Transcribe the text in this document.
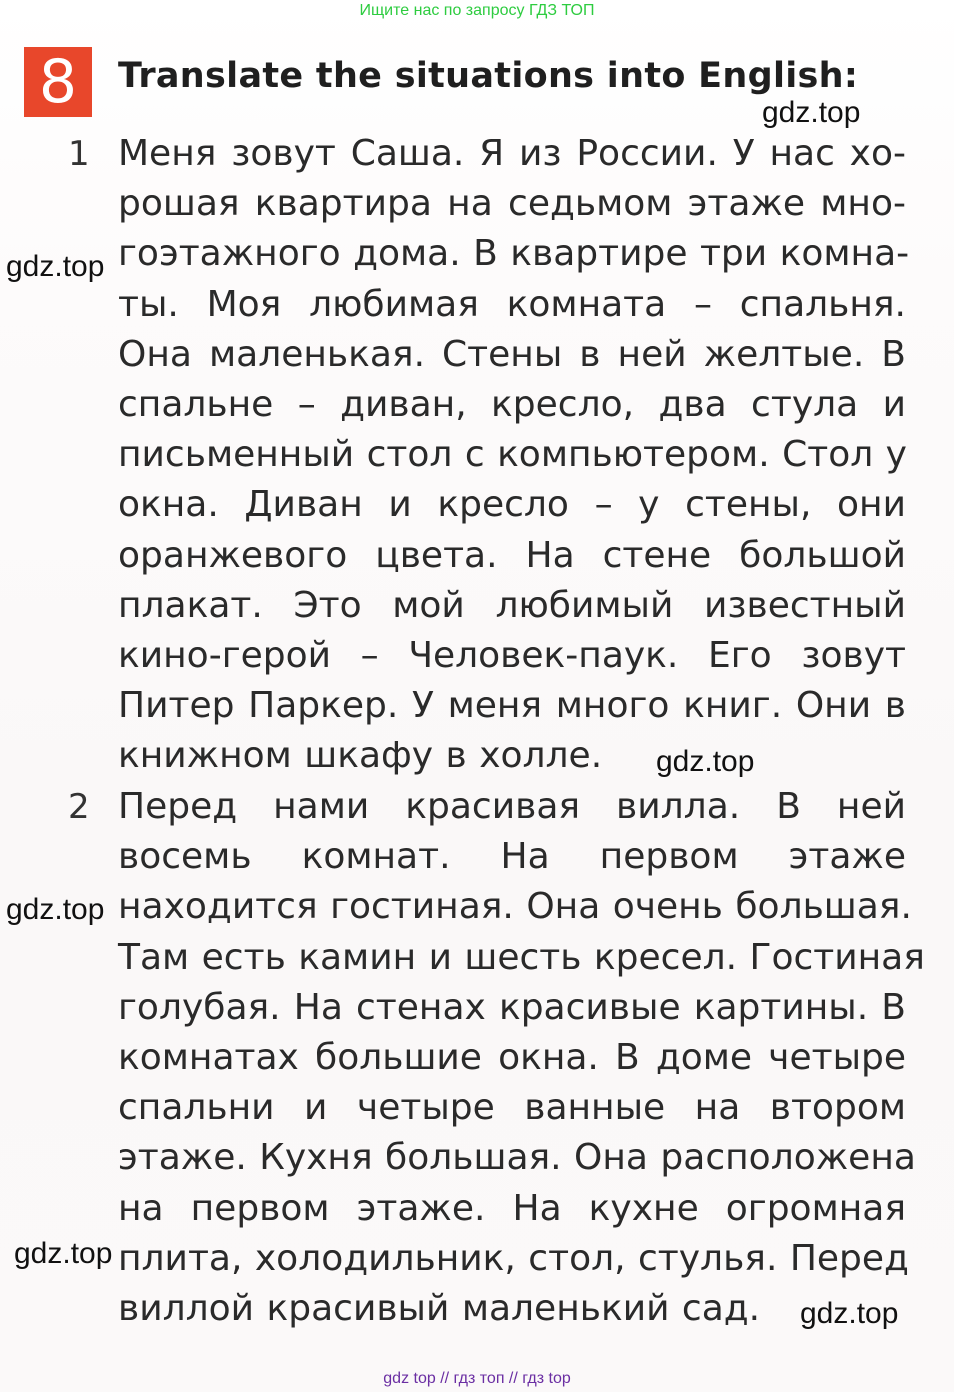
Ищите нас по запросу ГДЗ ТОП
8	Translate the situations into English:
1 Меня зовут Саша. Я из России. У нас хо-
рошая квартира на седьмом этаже мно-
гоэтажного дома. В квартире три комна-
ты. Моя любимая комната – спальня.
Она маленькая. Стены в ней желтые. В
спальне – диван, кресло, два стула и
письменный стол с компьютером. Стол у
окна. Диван и кресло – у стены, они
оранжевого цвета. На стене большой
плакат. Это мой любимый известный
кино-герой – Человек-паук. Его зовут
Питер Паркер. У меня много книг. Они в
книжном шкафу в холле.
2 Перед нами красивая вилла. В ней
восемь комнат. На первом этаже
находится гостиная. Она очень большая.
Там есть камин и шесть кресел. Гостиная
голубая. На стенах красивые картины. В
комнатах большие окна. В доме четыре
спальни и четыре ванные на втором
этаже. Кухня большая. Она расположена
на первом этаже. На кухне огромная
плита, холодильник, стол, стулья. Перед
виллой красивый маленький сад.
gdz.top
gdz.top
gdz.top
gdz.top
gdz.top
gdz.top
gdz top // гдз топ // гдз top
